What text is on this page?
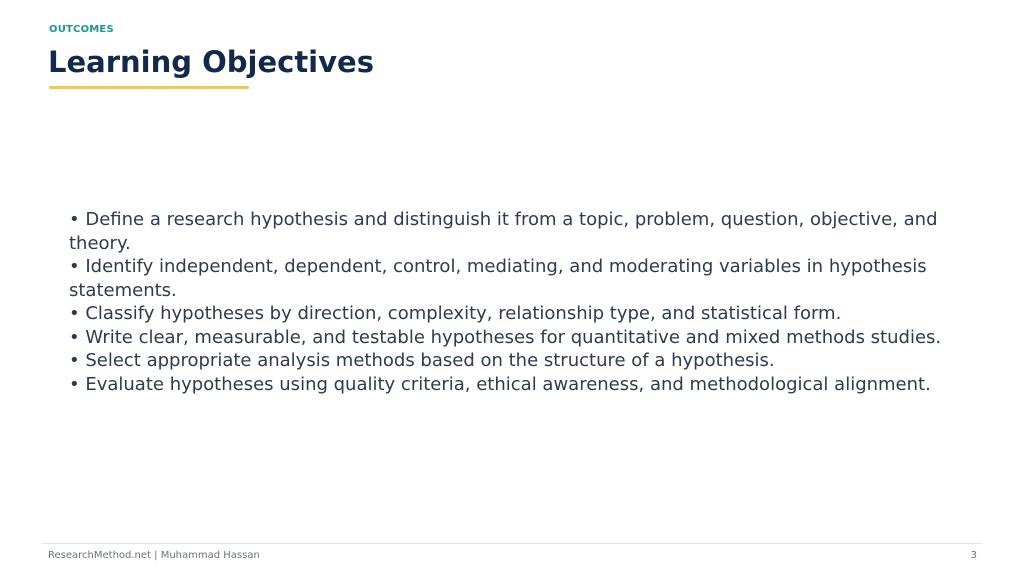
OUTCOMES
Learning Objectives
• Define a research hypothesis and distinguish it from a topic, problem, question, objective, and theory.
• Identify independent, dependent, control, mediating, and moderating variables in hypothesis statements.
• Classify hypotheses by direction, complexity, relationship type, and statistical form.
• Write clear, measurable, and testable hypotheses for quantitative and mixed methods studies.
• Select appropriate analysis methods based on the structure of a hypothesis.
• Evaluate hypotheses using quality criteria, ethical awareness, and methodological alignment.
ResearchMethod.net | Muhammad Hassan	3
